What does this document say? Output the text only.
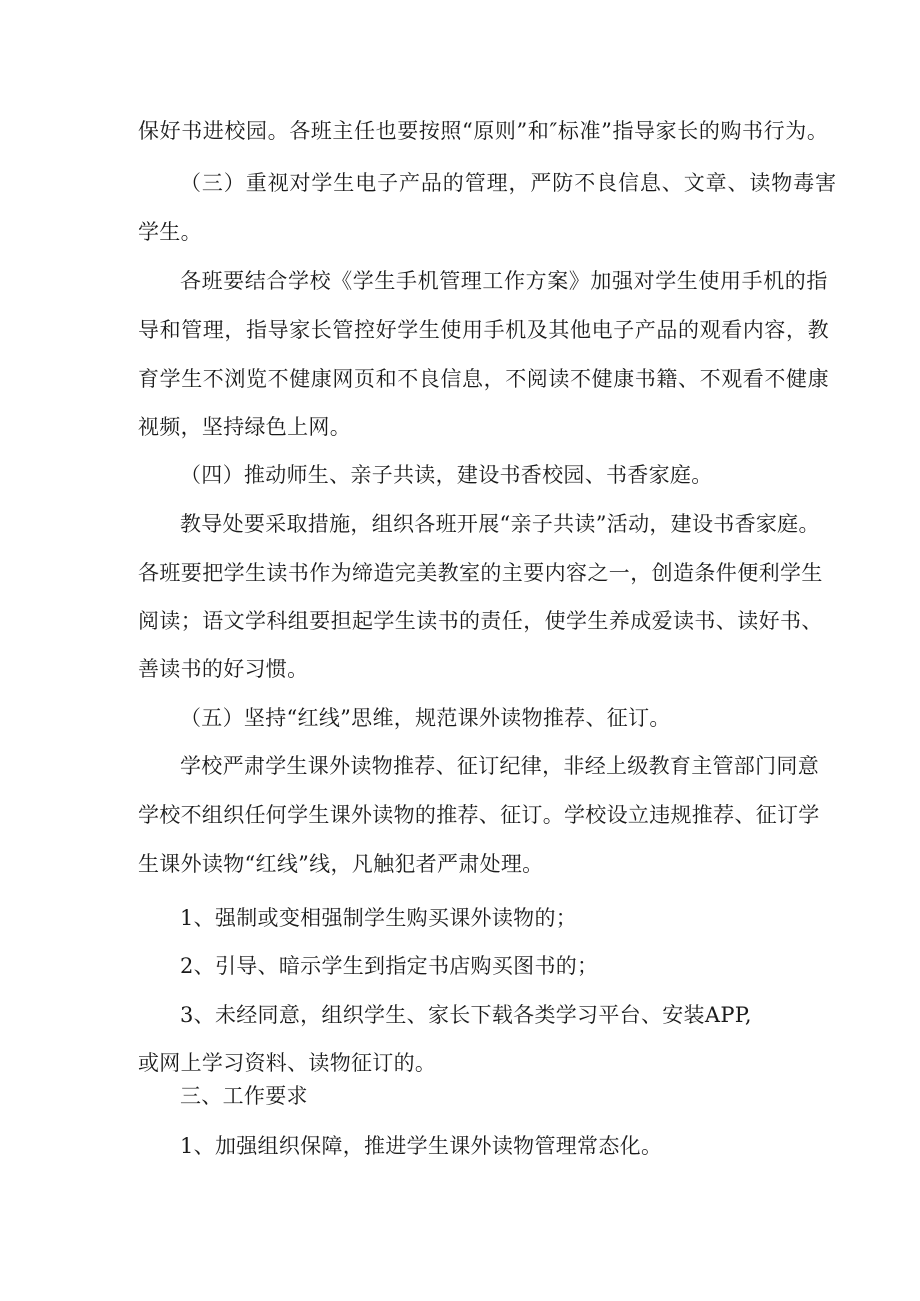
保好书进校园。各班主任也要按照“原则”和″标准”指导家长的购书行为。
（三）重视对学生电子产品的管理，严防不良信息、文章、读物毒害
学生。
各班要结合学校《学生手机管理工作方案》加强对学生使用手机的指
导和管理，指导家长管控好学生使用手机及其他电子产品的观看内容，教
育学生不浏览不健康网页和不良信息，不阅读不健康书籍、不观看不健康
视频，坚持绿色上网。
（四）推动师生、亲子共读，建设书香校园、书香家庭。
教导处要采取措施，组织各班开展“亲子共读”活动，建设书香家庭。
各班要把学生读书作为缔造完美教室的主要内容之一，创造条件便利学生
阅读；语文学科组要担起学生读书的责任，使学生养成爱读书、读好书、
善读书的好习惯。
（五）坚持“红线”思维，规范课外读物推荐、征订。
学校严肃学生课外读物推荐、征订纪律，非经上级教育主管部门同意
学校不组织任何学生课外读物的推荐、征订。学校设立违规推荐、征订学
生课外读物“红线”线，凡触犯者严肃处理。
1、强制或变相强制学生购买课外读物的；
2、引导、暗示学生到指定书店购买图书的；
3、未经同意，组织学生、家长下载各类学习平台、安装APP,
或网上学习资料、读物征订的。
三、工作要求
1、加强组织保障，推进学生课外读物管理常态化。
